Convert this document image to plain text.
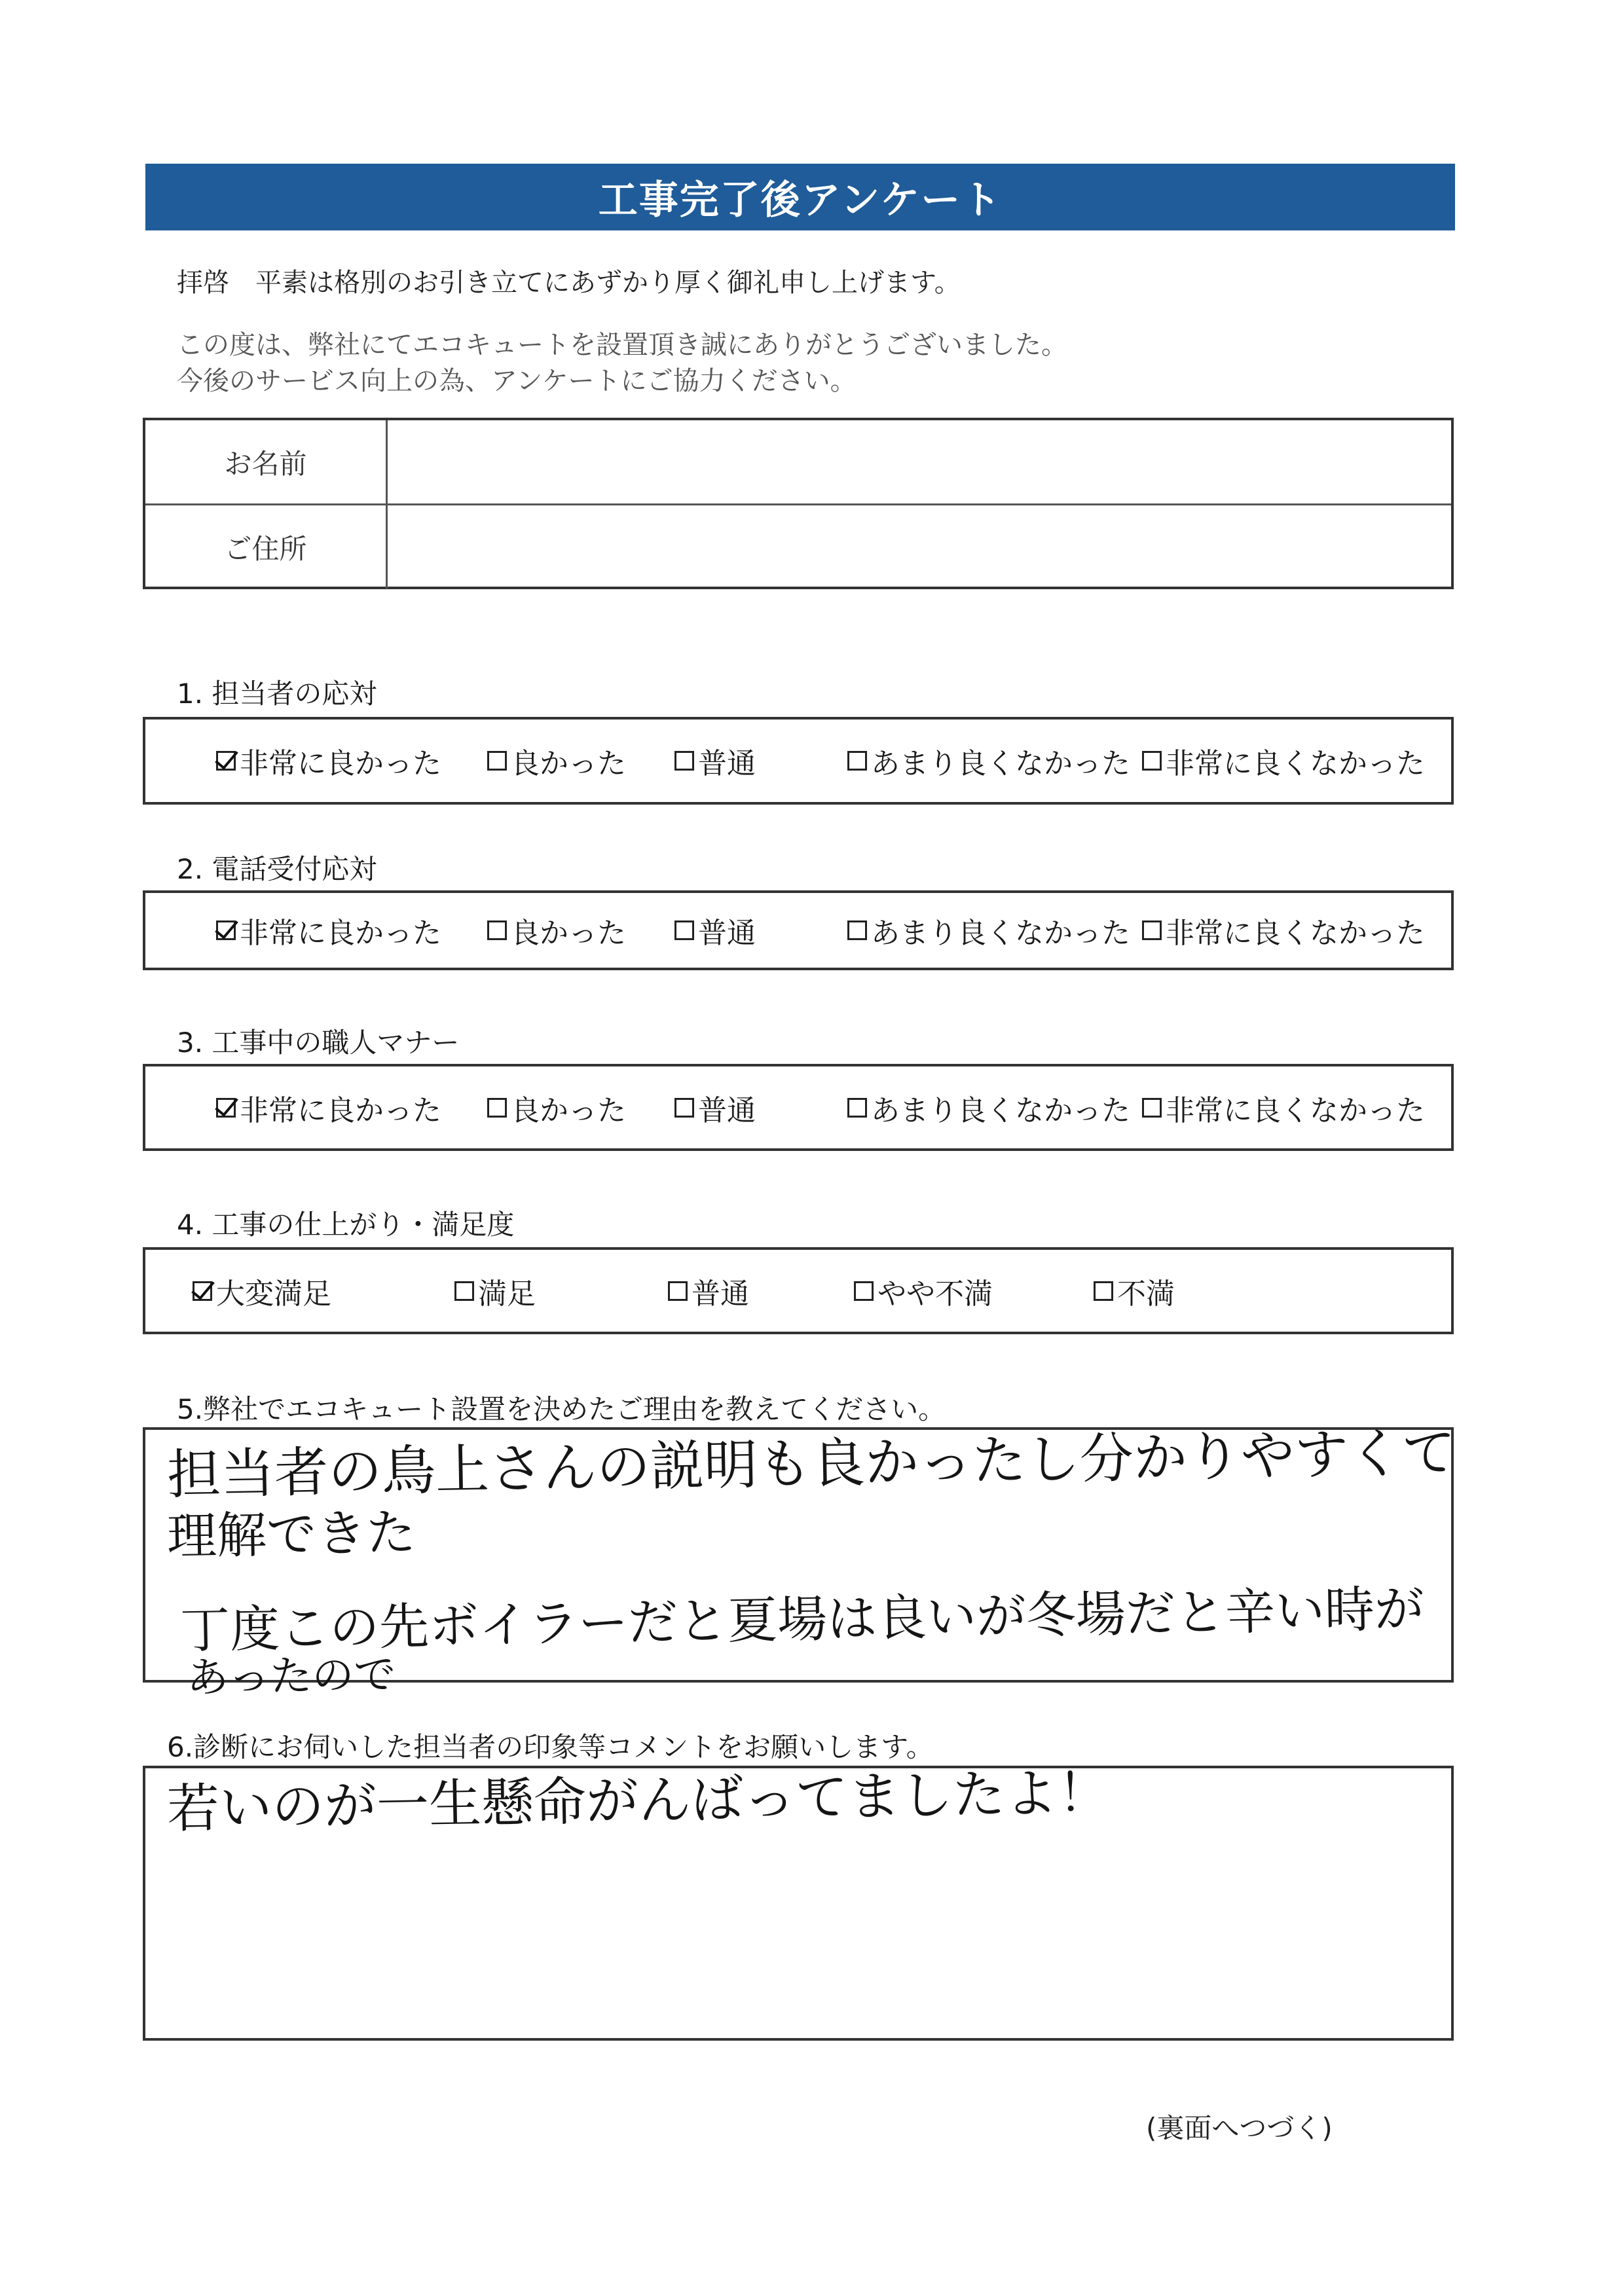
工事完了後アンケート
拝啓　平素は格別のお引き立てにあずかり厚く御礼申し上げます。
この度は、弊社にてエコキュートを設置頂き誠にありがとうございました。
今後のサービス向上の為、アンケートにご協力ください。
お名前
ご住所
1. 担当者の応対
非常に良かった 良かった	普通	あまり良くなかった 非常に良くなかった
2. 電話受付応対
非常に良かった 良かった	普通	あまり良くなかった 非常に良くなかった
3. 工事中の職人マナー
非常に良かった 良かった	普通	あまり良くなかった 非常に良くなかった
4. 工事の仕上がり・満足度
大変満足	満足	普通	やや不満	不満
5.弊社でエコキュート設置を決めたご理由を教えてください。
担当者の鳥上さんの説明も良かったし分かりやすくて
理解できた
丁度この先ボイラーだと夏場は良いが冬場だと辛い時が
あったので
6.診断にお伺いした担当者の印象等コメントをお願いします。
若いのが一生懸命がんばってましたよ！
(裏面へつづく)
